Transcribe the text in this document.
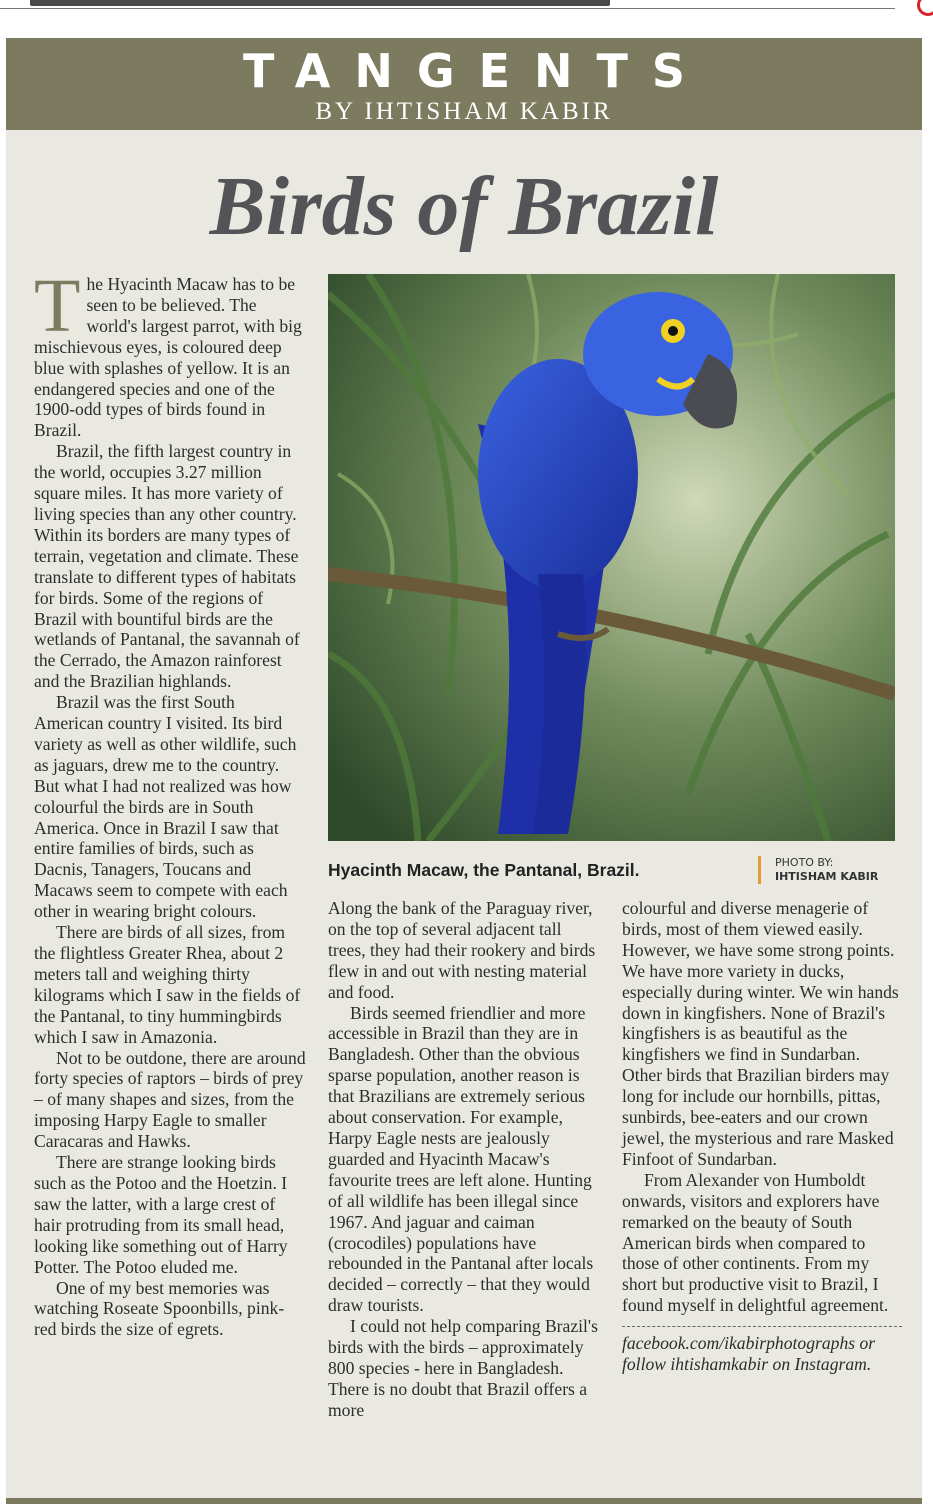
TANGENTS
BY IHTISHAM KABIR
Birds of Brazil

The Hyacinth Macaw has to be seen to be believed. The world's largest parrot, with big mischievous eyes, is coloured deep blue with splashes of yellow. It is an endangered species and one of the 1900-odd types of birds found in Brazil.

Brazil, the fifth largest country in the world, occupies 3.27 million square miles. It has more variety of living species than any other country. Within its borders are many types of terrain, vegetation and climate. These translate to different types of habitats for birds. Some of the regions of Brazil with bountiful birds are the wetlands of Pantanal, the savannah of the Cerrado, the Amazon rainforest and the Brazilian highlands.

Brazil was the first South American country I visited. Its bird variety as well as other wildlife, such as jaguars, drew me to the country. But what I had not realized was how colourful the birds are in South America. Once in Brazil I saw that entire families of birds, such as Dacnis, Tanagers, Toucans and Macaws seem to compete with each other in wearing bright colours.

There are birds of all sizes, from the flightless Greater Rhea, about 2 meters tall and weighing thirty kilograms which I saw in the fields of the Pantanal, to tiny hummingbirds which I saw in Amazonia.

Not to be outdone, there are around forty species of raptors – birds of prey – of many shapes and sizes, from the imposing Harpy Eagle to smaller Caracaras and Hawks.

There are strange looking birds such as the Potoo and the Hoetzin. I saw the latter, with a large crest of hair protruding from its small head, looking like something out of Harry Potter. The Potoo eluded me.

One of my best memories was watching Roseate Spoonbills, pink-red birds the size of egrets.

Hyacinth Macaw, the Pantanal, Brazil.	PHOTO BY:
IHTISHAM KABIR

Along the bank of the Paraguay river, on the top of several adjacent tall trees, they had their rookery and birds flew in and out with nesting material and food.

Birds seemed friendlier and more accessible in Brazil than they are in Bangladesh. Other than the obvious sparse population, another reason is that Brazilians are extremely serious about conservation. For example, Harpy Eagle nests are jealously guarded and Hyacinth Macaw's favourite trees are left alone. Hunting of all wildlife has been illegal since 1967. And jaguar and caiman (crocodiles) populations have rebounded in the Pantanal after locals decided – correctly – that they would draw tourists.

I could not help comparing Brazil's birds with the birds – approximately 800 species - here in Bangladesh. There is no doubt that Brazil offers a more

colourful and diverse menagerie of birds, most of them viewed easily. However, we have some strong points. We have more variety in ducks, especially during winter. We win hands down in kingfishers. None of Brazil's kingfishers is as beautiful as the kingfishers we find in Sundarban. Other birds that Brazilian birders may long for include our hornbills, pittas, sunbirds, bee-eaters and our crown jewel, the mysterious and rare Masked Finfoot of Sundarban.

From Alexander von Humboldt onwards, visitors and explorers have remarked on the beauty of South American birds when compared to those of other continents. From my short but productive visit to Brazil, I found myself in delightful agreement.

facebook.com/ikabirphotographs or follow ihtishamkabir on Instagram.
